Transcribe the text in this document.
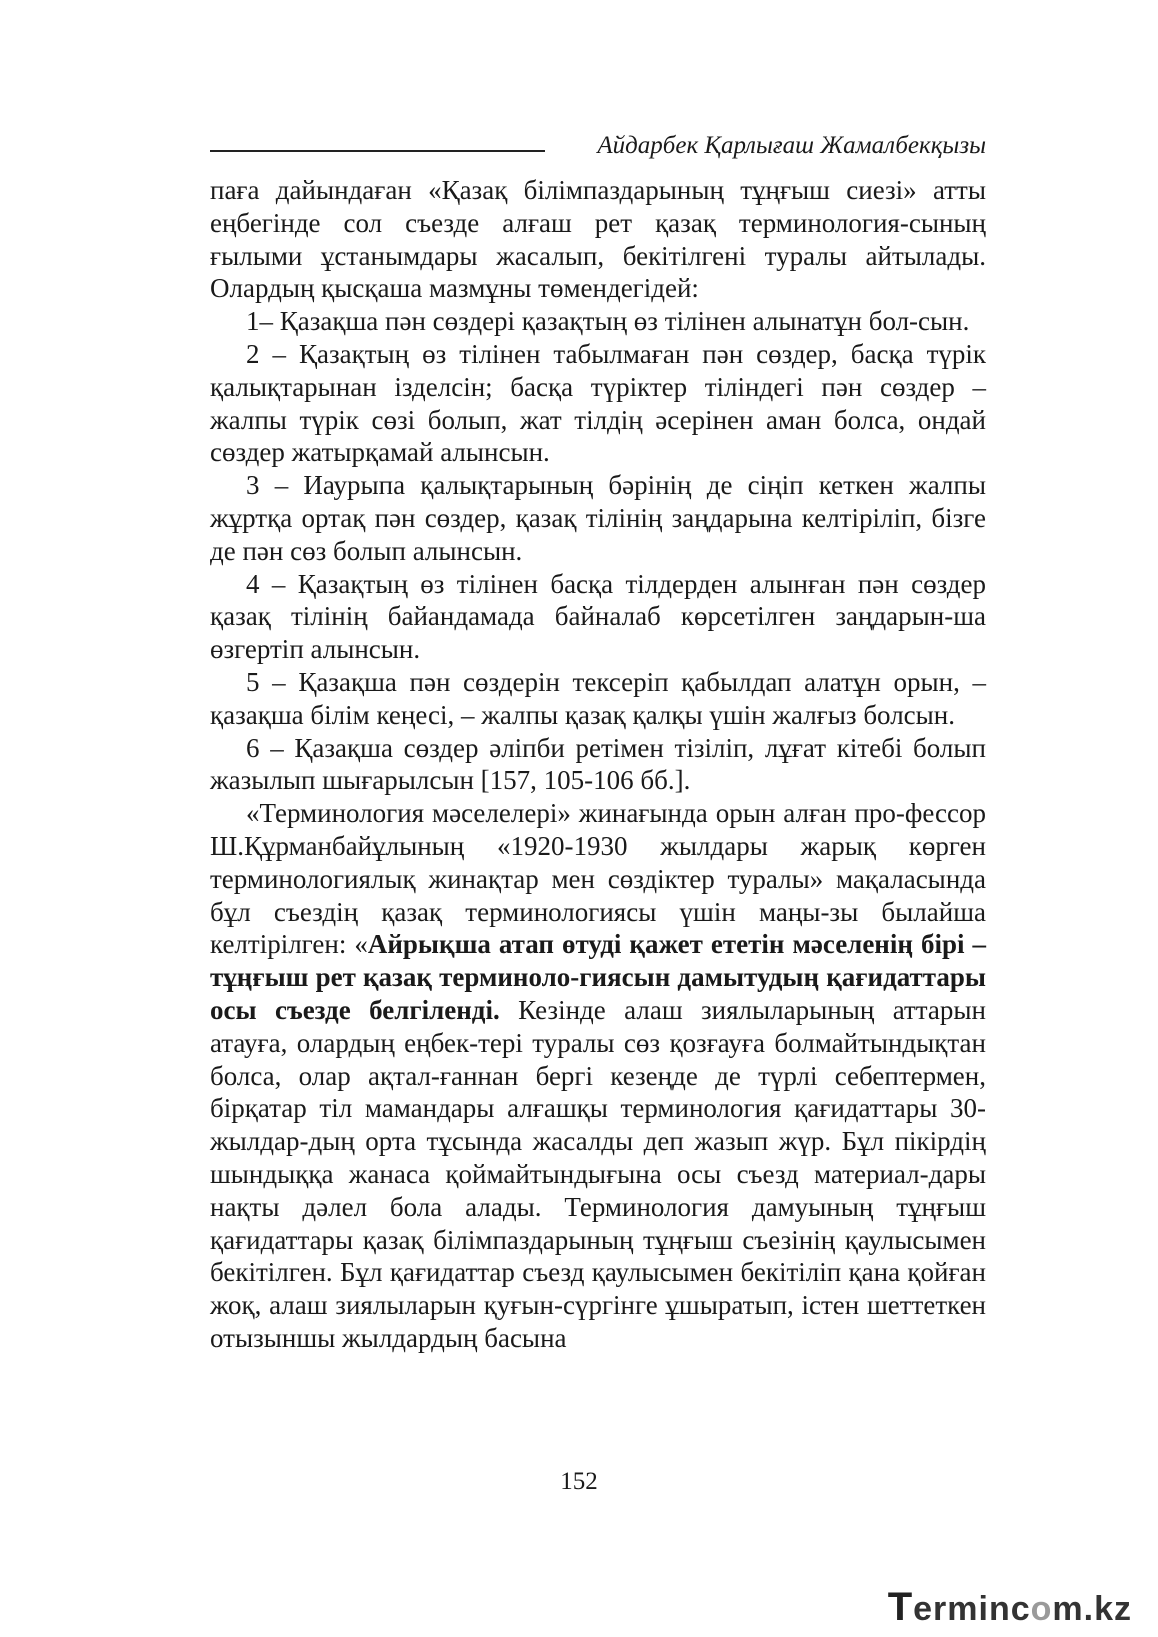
Айдарбек Қарлығаш Жамалбекқызы

паға дайындаған «Қазақ білімпаздарының тұңғыш сиезі» атты еңбегінде сол съезде алғаш рет қазақ терминология-сының ғылыми ұстанымдары жасалып, бекітілгені туралы айтылады. Олардың қысқаша мазмұны төмендегідей:

1– Қазақша пән сөздері қазақтың өз тілінен алынатұн бол-сын.

2 – Қазақтың өз тілінен табылмаған пән сөздер, басқа түрік қалықтарынан ізделсін; басқа түріктер тіліндегі пән сөздер – жалпы түрік сөзі болып, жат тілдің әсерінен аман болса, ондай сөздер жатырқамай алынсын.

3 – Иаурыпа қалықтарының бәрінің де сіңіп кеткен жалпы жұртқа ортақ пән сөздер, қазақ тілінің заңдарына келтіріліп, бізге де пән сөз болып алынсын.

4 – Қазақтың өз тілінен басқа тілдерден алынған пән сөздер қазақ тілінің байандамада байналаб көрсетілген заңдарын-ша өзгертіп алынсын.

5 – Қазақша пән сөздерін тексеріп қабылдап алатұн орын, – қазақша білім кеңесі, – жалпы қазақ қалқы үшін жалғыз болсын.

6 – Қазақша сөздер әліпби ретімен тізіліп, лұғат кітебі болып жазылып шығарылсын [157, 105-106 бб.].

«Терминология мәселелері» жинағында орын алған про-фессор Ш.Құрманбайұлының «1920-1930 жылдары жарық көрген терминологиялық жинақтар мен сөздіктер туралы» мақаласында бұл съездің қазақ терминологиясы үшін маңы-зы былайша келтірілген: «Айрықша атап өтуді қажет ететін мәселенің бірі – тұңғыш рет қазақ терминоло-гиясын дамытудың қағидаттары осы съезде белгіленді. Кезінде алаш зиялыларының аттарын атауға, олардың еңбек-тері туралы сөз қозғауға болмайтындықтан болса, олар ақтал-ғаннан бергі кезеңде де түрлі себептермен, бірқатар тіл мамандары алғашқы терминология қағидаттары 30-жылдар-дың орта тұсында жасалды деп жазып жүр. Бұл пікірдің шындыққа жанаса қоймайтындығына осы съезд материал-дары нақты дәлел бола алады. Терминология дамуының тұңғыш қағидаттары қазақ білімпаздарының тұңғыш съезінің қаулысымен бекітілген. Бұл қағидаттар съезд қаулысымен бекітіліп қана қойған жоқ, алаш зиялыларын қуғын-сүргінге ұшыратып, істен шеттеткен отызыншы жылдардың басына

152
Termincom.kz
